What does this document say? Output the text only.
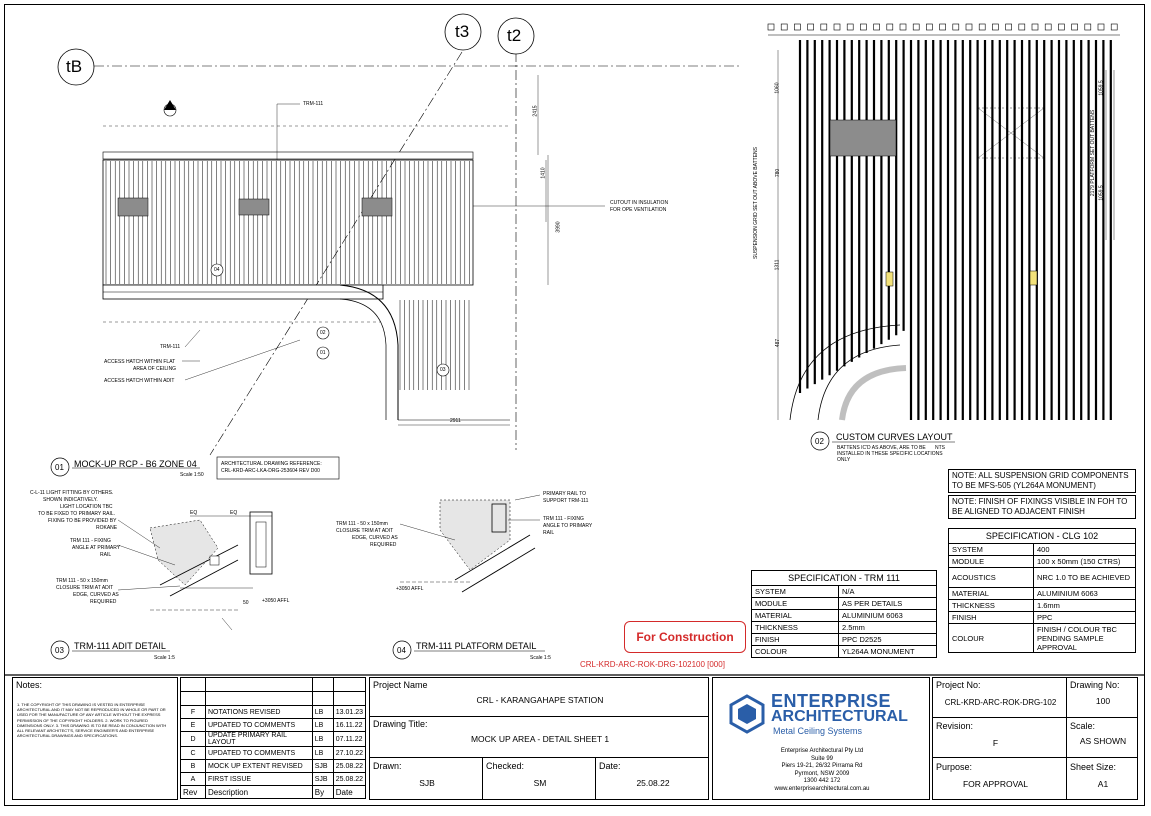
tB
t3 t2
TRM-111
TRM-111
CUTOUT IN INSULATION
FOR OPE VENTILATION
ACCESS HATCH WITHIN FLAT
AREA OF CEILING
ACCESS HATCH WITHIN ADIT
2415
1410
3990
2911
04
02
03
01
01 MOCK-UP RCP - B6 ZONE 04
Scale 1:50
ARCHITECTURAL DRAWING REFERENCE:
CRL-KRD-ARC-LKA-DRG-253604 REV D00
02 CUSTOM CURVES LAYOUT
BATTENS IC'D AS ABOVE, ARE TO BE NTS
INSTALLED IN THESE SPECIFIC LOCATIONS
ONLY
SUSPENSION GRID SET OUT ABOVE BATTENS	2179 PLATFORM SET OUT BATTENS
1060
780
1311
487
1059.5
1059.5
C-L-11 LIGHT FITTING BY OTHERS.
SHOWN INDICATIVELY.
LIGHT LOCATION TBC
TO BE FIXED TO PRIMARY RAIL.
FIXING TO BE PROVIDED BY
ROKANE
TRM 111 - FIXING
ANGLE AT PRIMARY
RAIL
TRM 111 - 50 x 150mm
CLOSURE TRIM AT ADIT
EDGE, CURVED AS
REQUIRED	+3050 AFFL
EQ	EQ
50
03 TRM-111 ADIT DETAIL
Scale 1:5
PRIMARY RAIL TO
SUPPORT TRM-111
TRM 111 - FIXING
ANGLE TO PRIMARY
RAIL
TRM 111 - 50 x 150mm
CLOSURE TRIM AT ADIT
EDGE, CURVED AS
REQUIRED
+3050 AFFL
04 TRM-111 PLATFORM DETAIL
Scale 1:5
NOTE: ALL SUSPENSION GRID COMPONENTS
TO BE MFS-505 (YL264A MONUMENT)
NOTE: FINISH OF FIXINGS VISIBLE IN FOH TO
BE ALIGNED TO ADJACENT FINISH
SPECIFICATION - CLG 102	
SYSTEM	400
MODULE	100 x 50mm (150 CTRS)
ACOUSTICS	NRC 1.0 TO BE ACHIEVED
MATERIAL	ALUMINIUM 6063
THICKNESS	1.6mm
FINISH	PPC
COLOUR	FINISH / COLOUR TBC PENDING SAMPLE APPROVAL
SPECIFICATION - TRM 111	
SYSTEM	N/A
MODULE	AS PER DETAILS
MATERIAL	ALUMINIUM 6063
THICKNESS	2.5mm
FINISH	PPC D2525
COLOUR	YL264A MONUMENT
For Construction
CRL-KRD-ARC-ROK-DRG-102100 [000]
Notes:
1. THE COPYRIGHT OF THIS DRAWING IS VESTED IN ENTERPRISE ARCHITECTURAL AND IT MAY NOT BE REPRODUCED IN WHOLE OR PART OR USED FOR THE MANUFACTURE OF ANY ARTICLE WITHOUT THE EXPRESS PERMISSION OF THE COPYRIGHT HOLDERS. 2. WORK TO FIGURED DIMENSIONS ONLY. 3. THIS DRAWING IS TO BE READ IN CONJUNCTION WITH ALL RELEVANT ARCHITECT'S, SERVICE ENGINEER'S AND ENTERPRISE ARCHITECTURAL DRAWINGS AND SPECIFICATIONS.

F	NOTATIONS REVISED	LB	13.01.23
E	UPDATED TO COMMENTS	LB	16.11.22
D	UPDATE PRIMARY RAIL LAYOUT	LB	07.11.22
C	UPDATED TO COMMENTS	LB	27.10.22
B	MOCK UP EXTENT REVISED	SJB	25.08.22
A	FIRST ISSUE	SJB	25.08.22
Rev	Description	By	Date
Project Name
CRL - KARANGAHAPE STATION
Drawing Title:
MOCK UP AREA - DETAIL SHEET 1
Drawn:
SJB
Checked:
SM
Date:
25.08.22
ENTERPRISE
ARCHITECTURAL
Metal Ceiling Systems
Enterprise Architectural Pty Ltd
Suite 99
Piers 19-21, 26/32 Pirrama Rd
Pyrmont, NSW 2009
1300 442 172
www.enterprisearchitectural.com.au
Project No:
CRL-KRD-ARC-ROK-DRG-102
Drawing No:
100
Revision:
F
Scale:
AS SHOWN
Purpose:
FOR APPROVAL
Sheet Size:
A1
